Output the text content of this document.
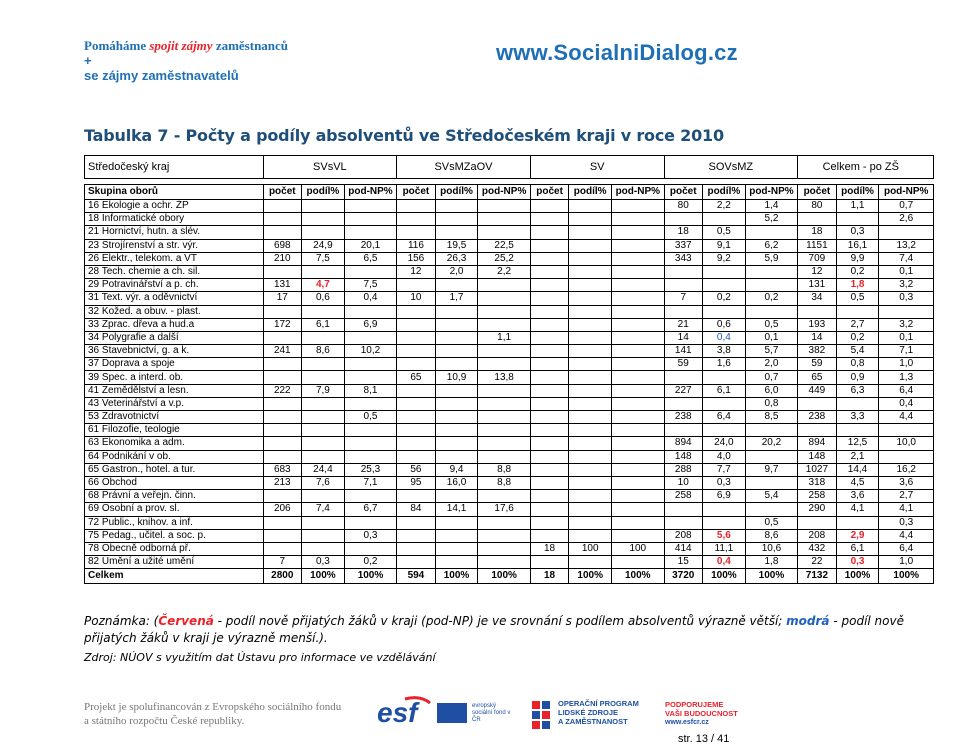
Pomáháme spojit zájmy zaměstnanců
+
se zájmy zaměstnavatelů
www.SocialniDialog.cz
Tabulka 7 - Počty a podíly absolventů ve Středočeském kraji v roce 2010
Středočeský kraj	SVsVL			SVsMZaOV			SV			SOVsMZ			Celkem - po ZŠ		

Skupina oborů	počet	podíl%	pod-NP%	počet	podíl%	pod-NP%	počet	podíl%	pod-NP%	počet	podíl%	pod-NP%	počet	podíl%	pod-NP%
16 Ekologie a ochr. ŽP										80	2,2	1,4	80	1,1	0,7
18 Informatické obory												5,2			2,6
21 Hornictví, hutn. a slév.										18	0,5		18	0,3	
23 Strojírenství a str. výr.	698	24,9	20,1	116	19,5	22,5				337	9,1	6,2	1151	16,1	13,2
26 Elektr., telekom. a VT	210	7,5	6,5	156	26,3	25,2				343	9,2	5,9	709	9,9	7,4
28 Tech. chemie a ch. sil.				12	2,0	2,2							12	0,2	0,1
29 Potravinářství a p. ch.	131	4,7	7,5										131	1,8	3,2
31 Text. výr. a oděvnictví	17	0,6	0,4	10	1,7					7	0,2	0,2	34	0,5	0,3
32 Kožed. a obuv. - plast.															
33 Zprac. dřeva a hud.a	172	6,1	6,9							21	0,6	0,5	193	2,7	3,2
34 Polygrafie a další						1,1				14	0,4	0,1	14	0,2	0,1
36 Stavebnictví, g. a k.	241	8,6	10,2							141	3,8	5,7	382	5,4	7,1
37 Doprava a spoje										59	1,6	2,0	59	0,8	1,0
39 Spec. a interd. ob.				65	10,9	13,8						0,7	65	0,9	1,3
41 Zemědělství a lesn.	222	7,9	8,1							227	6,1	6,0	449	6,3	6,4
43 Veterinářství a v.p.												0,8			0,4
53 Zdravotnictví			0,5							238	6,4	8,5	238	3,3	4,4
61 Filozofie, teologie															
63 Ekonomika a adm.										894	24,0	20,2	894	12,5	10,0
64 Podnikání v ob.										148	4,0		148	2,1	
65 Gastron., hotel. a tur.	683	24,4	25,3	56	9,4	8,8				288	7,7	9,7	1027	14,4	16,2
66 Obchod	213	7,6	7,1	95	16,0	8,8				10	0,3		318	4,5	3,6
68 Právní a veřejn. činn.										258	6,9	5,4	258	3,6	2,7
69 Osobní a prov. sl.	206	7,4	6,7	84	14,1	17,6							290	4,1	4,1
72 Public., knihov. a inf.												0,5			0,3
75 Pedag., učitel. a soc. p.			0,3							208	5,6	8,6	208	2,9	4,4
78 Obecně odborná př.							18	100	100	414	11,1	10,6	432	6,1	6,4
82 Umění a užité umění	7	0,3	0,2							15	0,4	1,8	22	0,3	1,0
Celkem	2800	100%	100%	594	100%	100%	18	100%	100%	3720	100%	100%	7132	100%	100%
Poznámka: (Červená - podíl nově přijatých žáků v kraji (pod-NP) je ve srovnání s podílem absolventů výrazně větší; modrá - podíl nově přijatých žáků v kraji je výrazně menší.).
Zdroj: NÚOV s využitím dat Ústavu pro informace ve vzdělávání
Projekt je spolufinancován z Evropského sociálního fondu
a státního rozpočtu České republiky.	esf	evropský sociální fond v ČR
OPERAČNÍ PROGRAM
LIDSKÉ ZDROJE
A ZAMĚSTNANOST
PODPORUJEME
VAŠI BUDOUCNOST
www.esfcr.cz
str. 13 / 41
